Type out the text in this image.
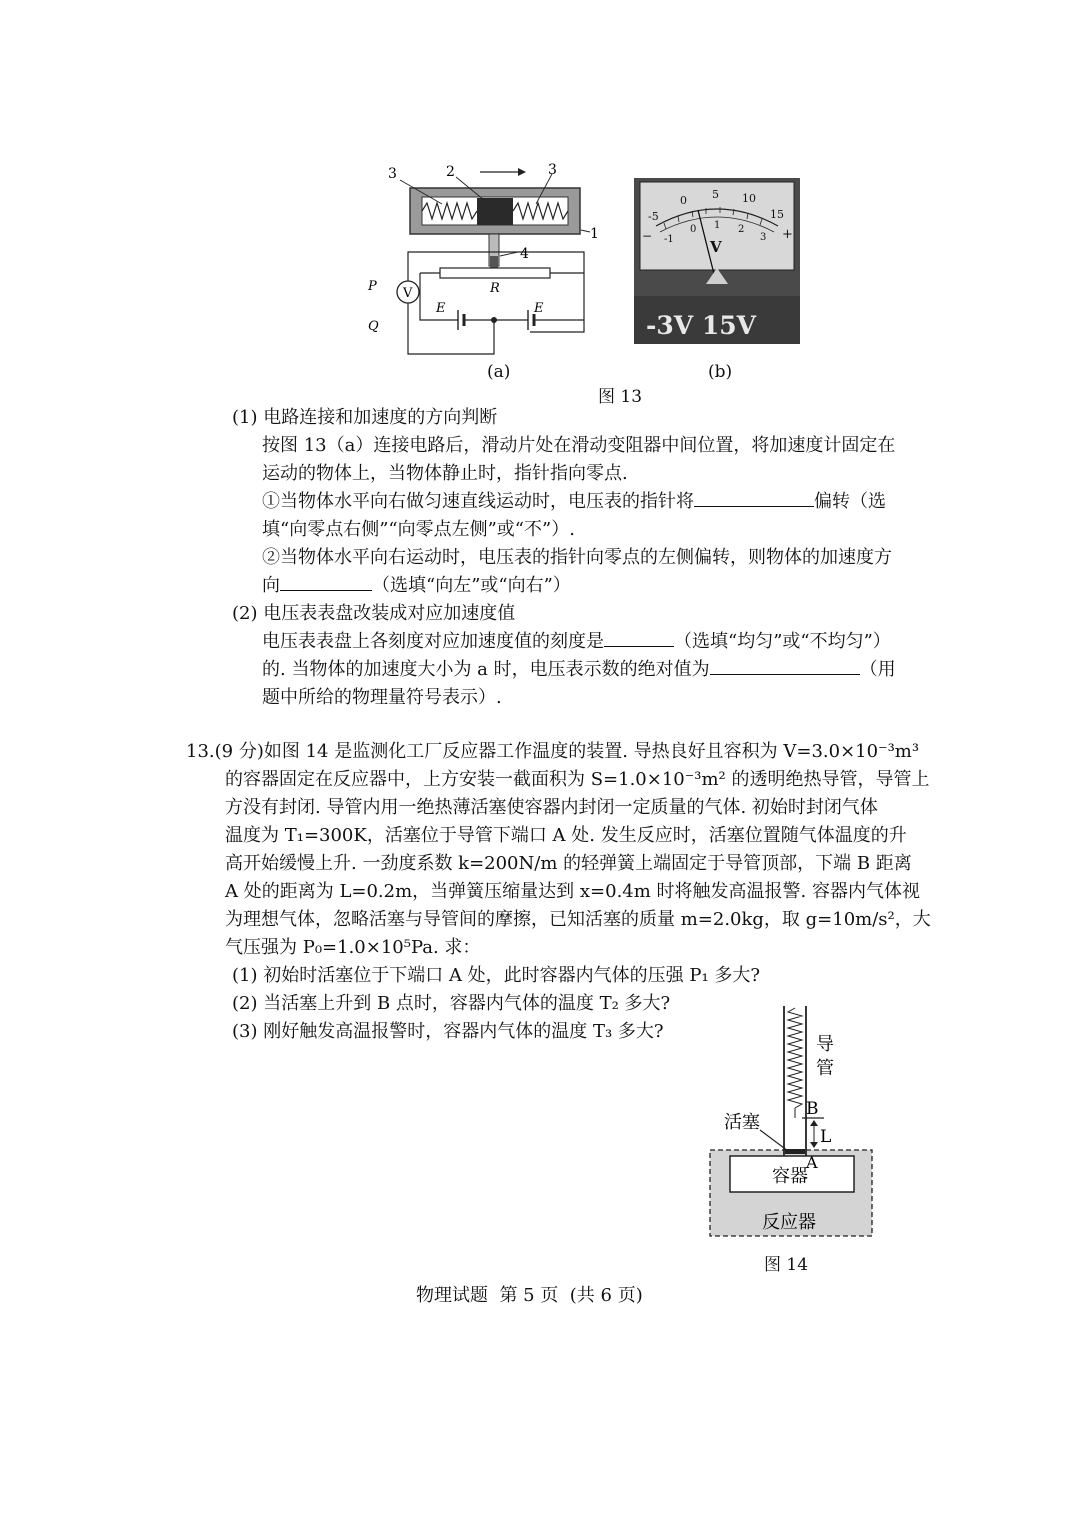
3	2	3
1
4
R
P
Q
V
E	E
(a)
-5
0 5 10
15
-1
0 1 2
3
−	+
V
-3V 15V
(b)
图 13
(1) 电路连接和加速度的方向判断
按图 13（a）连接电路后，滑动片处在滑动变阻器中间位置，将加速度计固定在
运动的物体上，当物体静止时，指针指向零点.
①当物体水平向右做匀速直线运动时，电压表的指针将	偏转（选
填“向零点右侧”“向零点左侧”或“不”）.
②当物体水平向右运动时，电压表的指针向零点的左侧偏转，则物体的加速度方
向	（选填“向左”或“向右”）
(2) 电压表表盘改装成对应加速度值
电压表表盘上各刻度对应加速度值的刻度是	（选填“均匀”或“不均匀”）
的. 当物体的加速度大小为 a 时，电压表示数的绝对值为	（用
题中所给的物理量符号表示）.
13.(9 分)如图 14 是监测化工厂反应器工作温度的装置. 导热良好且容积为 V=3.0×10⁻³m³
的容器固定在反应器中，上方安装一截面积为 S=1.0×10⁻³m² 的透明绝热导管，导管上
方没有封闭. 导管内用一绝热薄活塞使容器内封闭一定质量的气体. 初始时封闭气体
温度为 T₁=300K，活塞位于导管下端口 A 处. 发生反应时，活塞位置随气体温度的升
高开始缓慢上升. 一劲度系数 k=200N/m 的轻弹簧上端固定于导管顶部，下端 B 距离
A 处的距离为 L=0.2m，当弹簧压缩量达到 x=0.4m 时将触发高温报警. 容器内气体视
为理想气体，忽略活塞与导管间的摩擦，已知活塞的质量 m=2.0kg，取 g=10m/s²，大
气压强为 P₀=1.0×10⁵Pa. 求：
(1) 初始时活塞位于下端口 A 处，此时容器内气体的压强 P₁ 多大?
(2) 当活塞上升到 B 点时，容器内气体的温度 T₂ 多大?
(3) 刚好触发高温报警时，容器内气体的温度 T₃ 多大?
导
管
活塞
B
L
A
容器
反应器
图 14
物理试题  第 5 页  (共 6 页)
